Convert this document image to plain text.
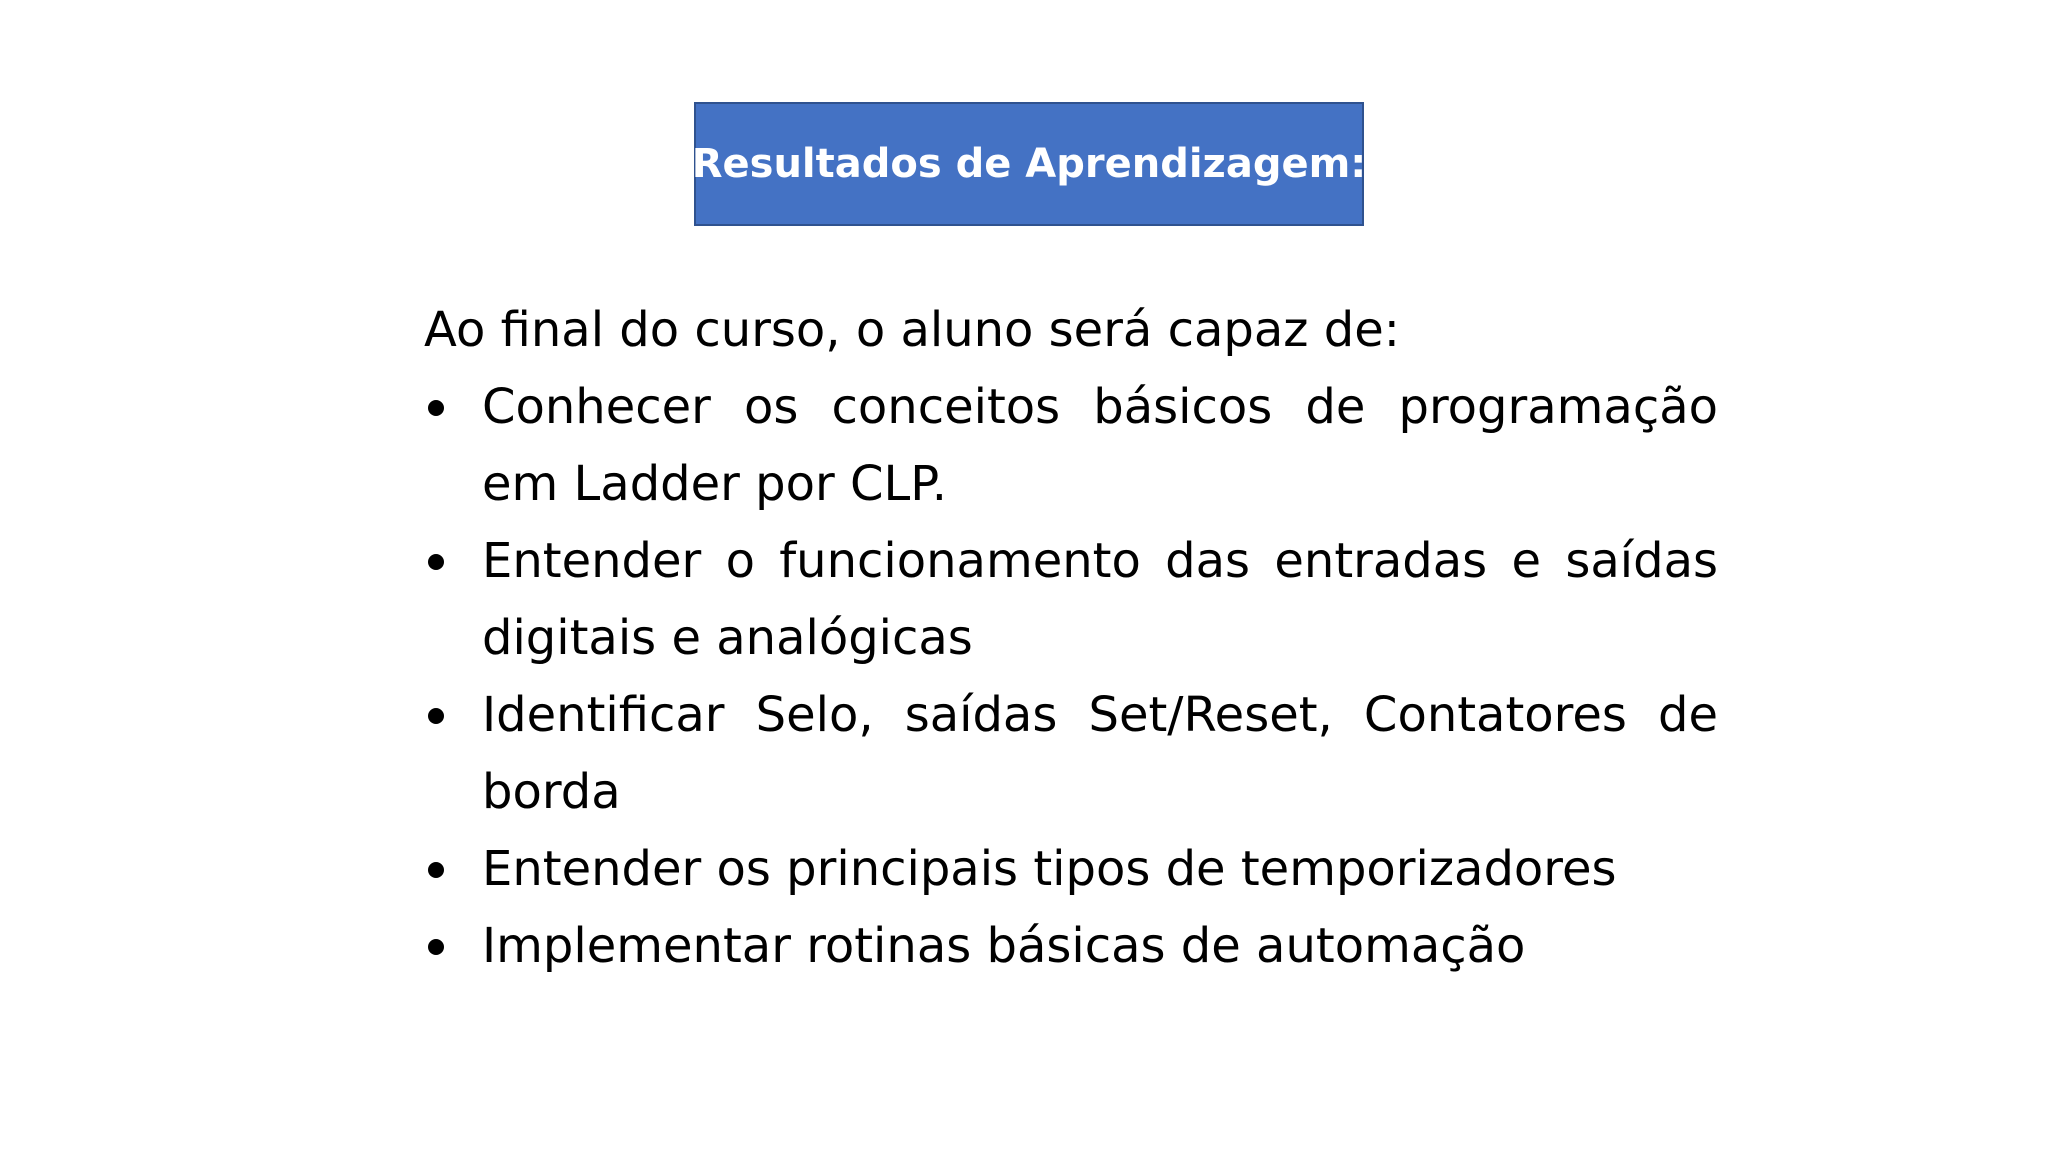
Resultados de Aprendizagem:

Ao final do curso, o aluno será capaz de:

Conhecer os conceitos básicos de programação em Ladder por CLP.
Entender o funcionamento das entradas e saídas digitais e analógicas
Identificar Selo, saídas Set/Reset, Contatores de borda
Entender os principais tipos de temporizadores
Implementar rotinas básicas de automação
